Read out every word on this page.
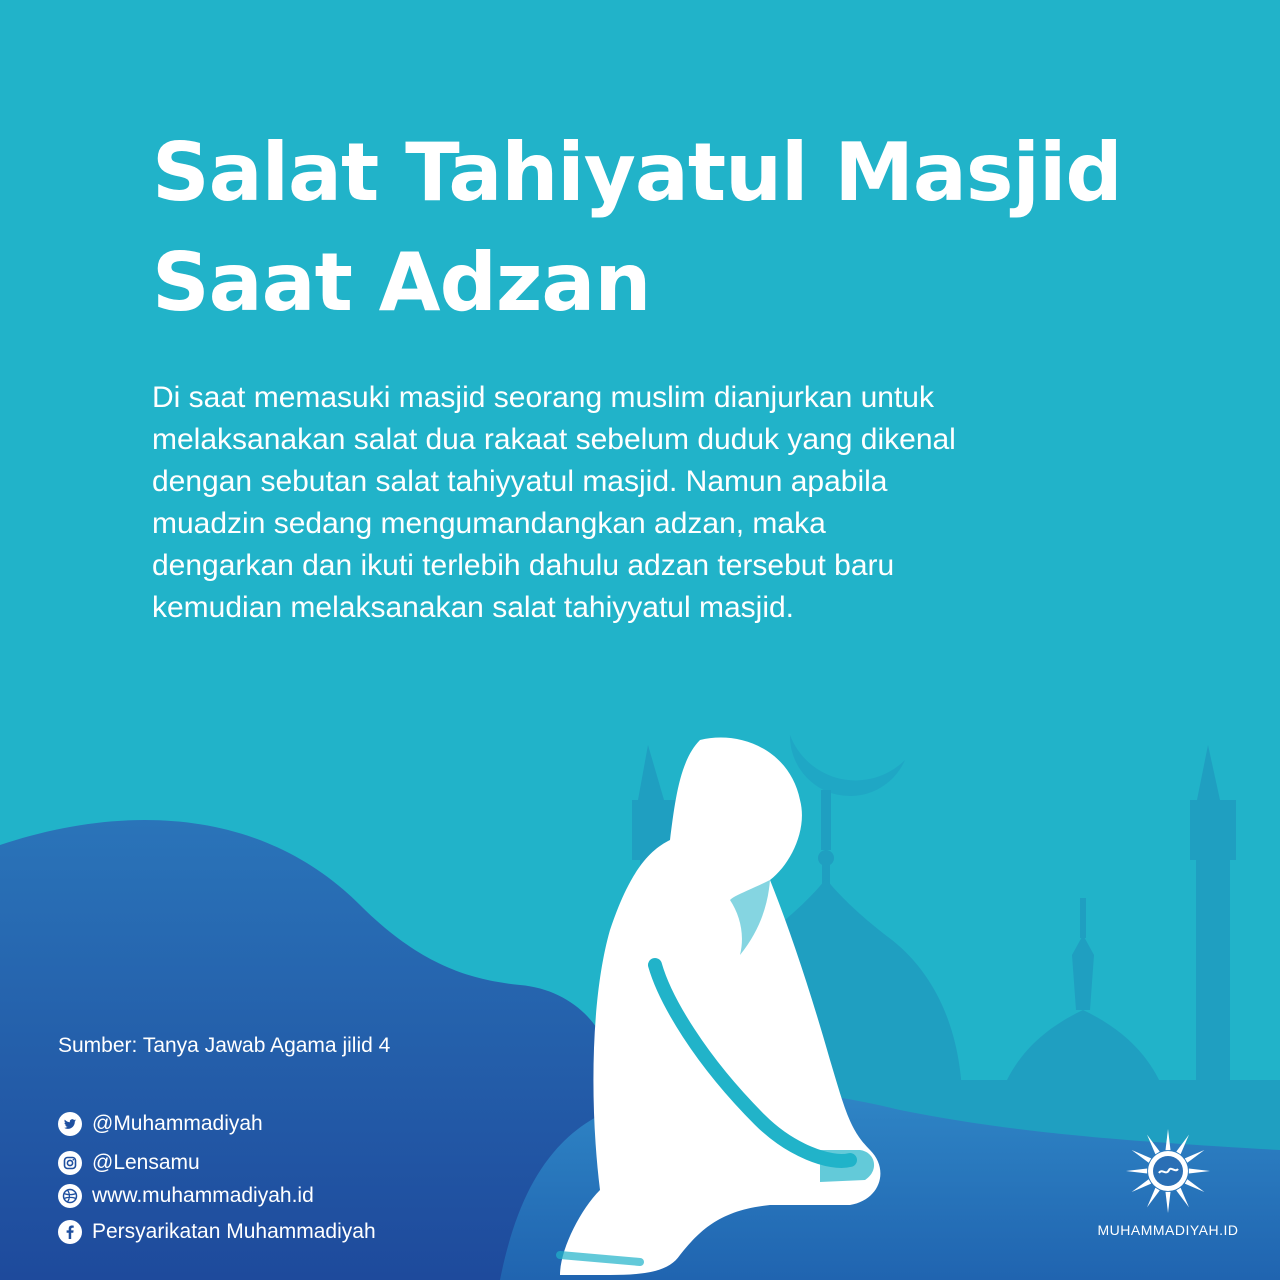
Salat Tahiyatul Masjid
Saat Adzan
Di saat memasuki masjid seorang muslim dianjurkan untuk
melaksanakan salat dua rakaat sebelum duduk yang dikenal
dengan sebutan salat tahiyyatul masjid. Namun apabila
muadzin sedang mengumandangkan adzan, maka
dengarkan dan ikuti terlebih dahulu adzan tersebut baru
kemudian melaksanakan salat tahiyyatul masjid.
Sumber: Tanya Jawab Agama jilid 4
@Muhammadiyah
@Lensamu
www.muhammadiyah.id
Persyarikatan Muhammadiyah	MUHAMMADIYAH.ID
